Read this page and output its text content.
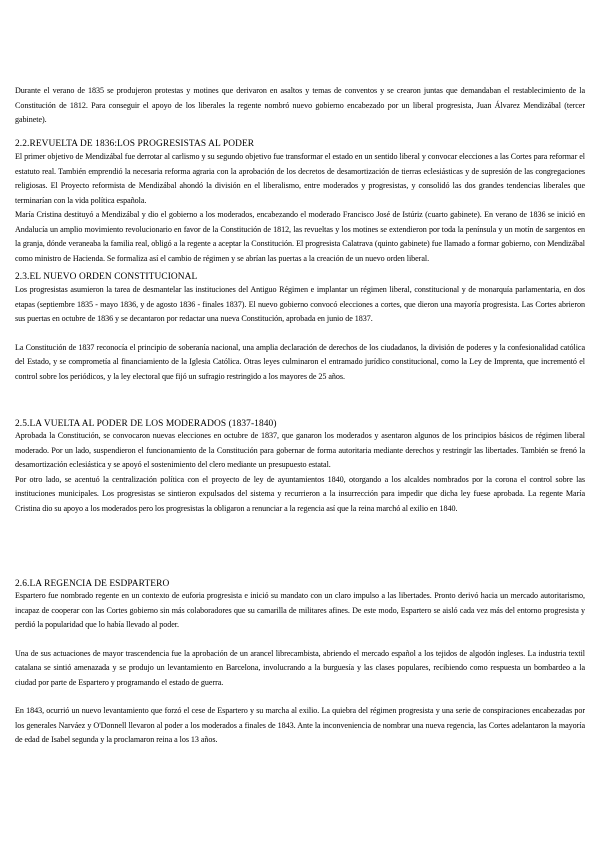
Durante el verano de 1835 se produjeron protestas y motines que derivaron en asaltos y temas de conventos y se crearon juntas que demandaban el restablecimiento de la Constitución de 1812. Para conseguir el apoyo de los liberales la regente nombró nuevo gobierno encabezado por un liberal progresista, Juan Álvarez Mendizábal (tercer gabinete).

2.2.REVUELTA DE 1836:LOS PROGRESISTAS AL PODER

El primer objetivo de Mendizábal fue derrotar al carlismo y su segundo objetivo fue transformar el estado en un sentido liberal y convocar elecciones a las Cortes para reformar el estatuto real. También emprendió la necesaria reforma agraria con la aprobación de los decretos de desamortización de tierras eclesiásticas y de supresión de las congregaciones religiosas. El Proyecto reformista de Mendizábal ahondó la división en el liberalismo, entre moderados y progresistas, y consolidó las dos grandes tendencias liberales que terminarían con la vida política española.

María Cristina destituyó a Mendizábal y dio el gobierno a los moderados, encabezando el moderado Francisco José de Istúriz (cuarto gabinete). En verano de 1836 se inició en Andalucía un amplio movimiento revolucionario en favor de la Constitución de 1812, las revueltas y los motines se extendieron por toda la península y un motín de sargentos en la granja, dónde veraneaba la familia real, obligó a la regente a aceptar la Constitución. El progresista Calatrava (quinto gabinete) fue llamado a formar gobierno, con Mendizábal como ministro de Hacienda. Se formaliza así el cambio de régimen y se abrían las puertas a la creación de un nuevo orden liberal.

2.3.EL NUEVO ORDEN CONSTITUCIONAL

Los progresistas asumieron la tarea de desmantelar las instituciones del Antiguo Régimen e implantar un régimen liberal, constitucional y de monarquía parlamentaria, en dos etapas (septiembre 1835 - mayo 1836, y de agosto 1836 - finales 1837). El nuevo gobierno convocó elecciones a cortes, que dieron una mayoría progresista. Las Cortes abrieron sus puertas en octubre de 1836 y se decantaron por redactar una nueva Constitución, aprobada en junio de 1837.

La Constitución de 1837 reconocía el principio de soberanía nacional, una amplia declaración de derechos de los ciudadanos, la división de poderes y la confesionalidad católica del Estado, y se comprometía al financiamiento de la Iglesia Católica. Otras leyes culminaron el entramado jurídico constitucional, como la Ley de Imprenta, que incrementó el control sobre los periódicos, y la ley electoral que fijó un sufragio restringido a los mayores de 25 años.

2.5.LA VUELTA AL PODER DE LOS MODERADOS (1837-1840)

Aprobada la Constitución, se convocaron nuevas elecciones en octubre de 1837, que ganaron los moderados y asentaron algunos de los principios básicos de régimen liberal moderado. Por un lado, suspendieron el funcionamiento de la Constitución para gobernar de forma autoritaria mediante derechos y restringir las libertades. También se frenó la desamortización eclesiástica y se apoyó el sostenimiento del clero mediante un presupuesto estatal.

Por otro lado, se acentuó la centralización política con el proyecto de ley de ayuntamientos 1840, otorgando a los alcaldes nombrados por la corona el control sobre las instituciones municipales. Los progresistas se sintieron expulsados del sistema y recurrieron a la insurrección para impedir que dicha ley fuese aprobada. La regente María Cristina dio su apoyo a los moderados pero los progresistas la obligaron a renunciar a la regencia así que la reina marchó al exilio en 1840.

2.6.LA REGENCIA DE ESDPARTERO

Espartero fue nombrado regente en un contexto de euforia progresista e inició su mandato con un claro impulso a las libertades. Pronto derivó hacia un mercado autoritarismo, incapaz de cooperar con las Cortes gobierno sin más colaboradores que su camarilla de militares afines. De este modo, Espartero se aisló cada vez más del entorno progresista y perdió la popularidad que lo había llevado al poder.

Una de sus actuaciones de mayor trascendencia fue la aprobación de un arancel librecambista, abriendo el mercado español a los tejidos de algodón ingleses. La industria textil catalana se sintió amenazada y se produjo un levantamiento en Barcelona, involucrando a la burguesía y las clases populares, recibiendo como respuesta un bombardeo a la ciudad por parte de Espartero y programando el estado de guerra.

En 1843, ocurrió un nuevo levantamiento que forzó el cese de Espartero y su marcha al exilio. La quiebra del régimen progresista y una serie de conspiraciones encabezadas por los generales Narváez y O'Donnell llevaron al poder a los moderados a finales de 1843. Ante la inconveniencia de nombrar una nueva regencia, las Cortes adelantaron la mayoría de edad de Isabel segunda y la proclamaron reina a los 13 años.
